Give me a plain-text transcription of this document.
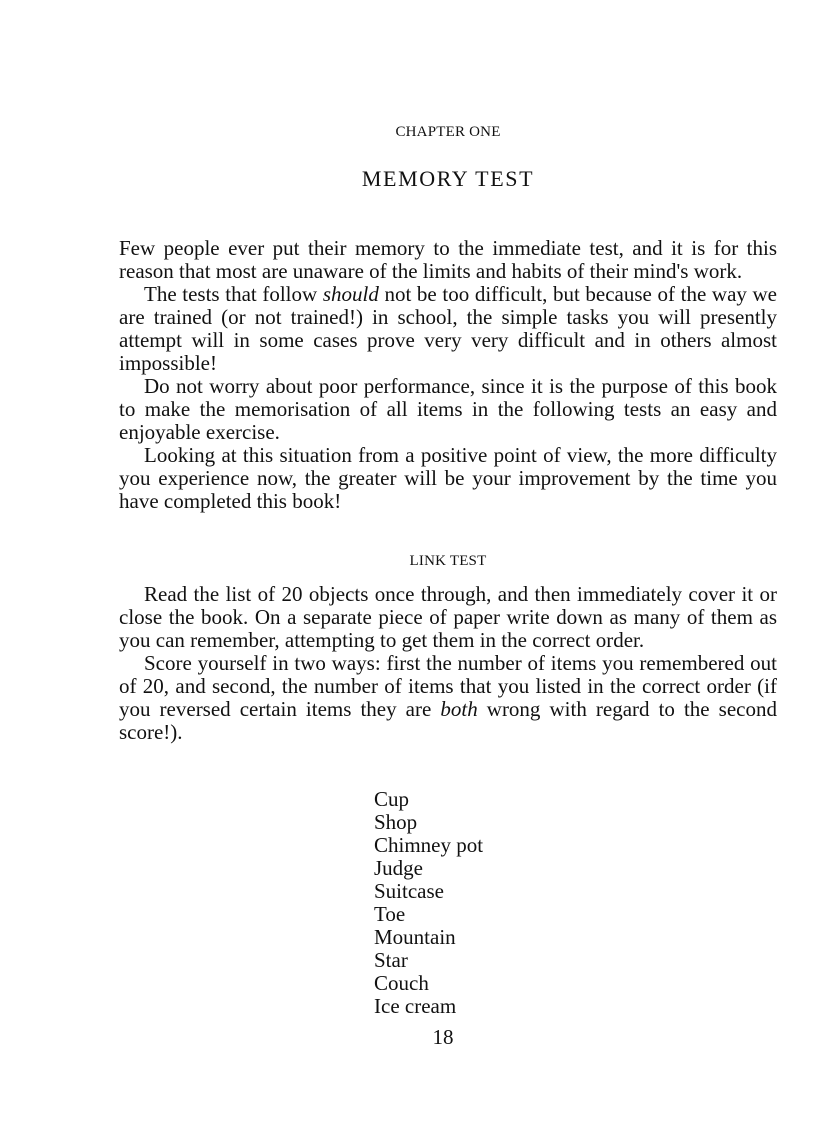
CHAPTER ONE
MEMORY TEST

Few people ever put their memory to the immediate test, and it is for this reason that most are unaware of the limits and habits of their mind's work.

The tests that follow should not be too difficult, but because of the way we are trained (or not trained!) in school, the simple tasks you will presently attempt will in some cases prove very very difficult and in others almost impossible!

Do not worry about poor performance, since it is the purpose of this book to make the memorisation of all items in the following tests an easy and enjoyable exercise.

Looking at this situation from a positive point of view, the more difficulty you experience now, the greater will be your improvement by the time you have completed this book!

LINK TEST

Read the list of 20 objects once through, and then immediately cover it or close the book. On a separate piece of paper write down as many of them as you can remember, attempting to get them in the correct order.

Score yourself in two ways: first the number of items you remembered out of 20, and second, the number of items that you listed in the correct order (if you reversed certain items they are both wrong with regard to the second score!).

Cup
Shop
Chimney pot
Judge
Suitcase
Toe
Mountain
Star
Couch
Ice cream
18
